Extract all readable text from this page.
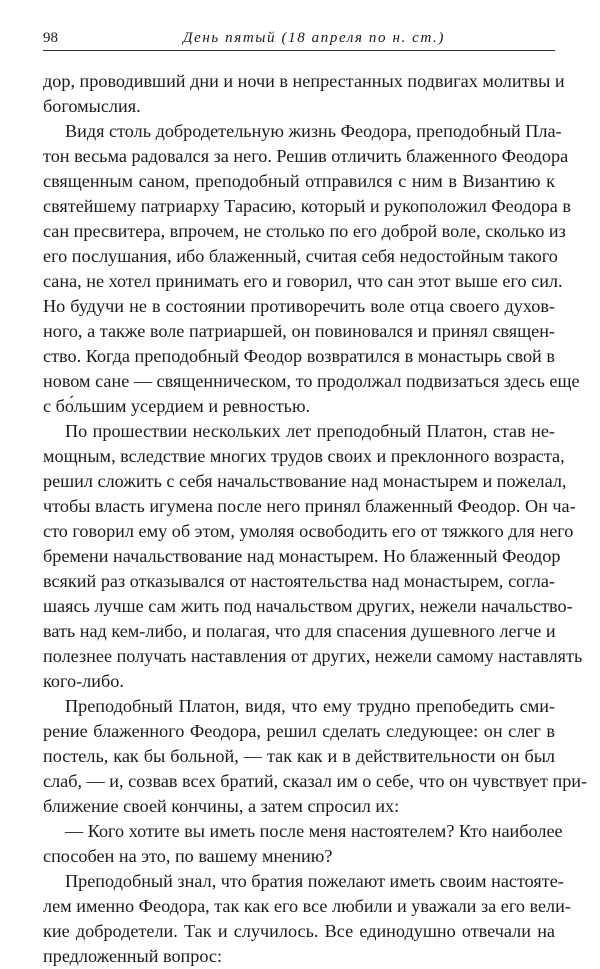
98	День пятый (18 апреля по н. ст.)
дор, проводивший дни и ночи в непрестанных подвигах молитвы и
богомыслия.
Видя столь добродетельную жизнь Феодора, преподобный Пла-
тон весьма радовался за него. Решив отличить блаженного Феодора
священным саном, преподобный отправился с ним в Византию к
святейшему патриарху Тарасию, который и рукоположил Феодора в
сан пресвитера, впрочем, не столько по его доброй воле, сколько из
его послушания, ибо блаженный, считая себя недостойным такого
сана, не хотел принимать его и говорил, что сан этот выше его сил.
Но будучи не в состоянии противоречить воле отца своего духов-
ного, а также воле патриаршей, он повиновался и принял священ-
ство. Когда преподобный Феодор возвратился в монастырь свой в
новом сане — священническом, то продолжал подвизаться здесь еще
с бо́льшим усердием и ревностью.
По прошествии нескольких лет преподобный Платон, став не-
мощным, вследствие многих трудов своих и преклонного возраста,
решил сложить с себя начальствование над монастырем и пожелал,
чтобы власть игумена после него принял блаженный Феодор. Он ча-
сто говорил ему об этом, умоляя освободить его от тяжкого для него
бремени начальствование над монастырем. Но блаженный Феодор
всякий раз отказывался от настоятельства над монастырем, согла-
шаясь лучше сам жить под начальством других, нежели начальство-
вать над кем-либо, и полагая, что для спасения душевного легче и
полезнее получать наставления от других, нежели самому наставлять
кого-либо.
Преподобный Платон, видя, что ему трудно препобедить сми-
рение блаженного Феодора, решил сделать следующее: он слег в
постель, как бы больной, — так как и в действительности он был
слаб, — и, созвав всех братий, сказал им о себе, что он чувствует при-
ближение своей кончины, а затем спросил их:
— Кого хотите вы иметь после меня настоятелем? Кто наиболее
способен на это, по вашему мнению?
Преподобный знал, что братия пожелают иметь своим настояте-
лем именно Феодора, так как его все любили и уважали за его вели-
кие добродетели. Так и случилось. Все единодушно отвечали на
предложенный вопрос:
